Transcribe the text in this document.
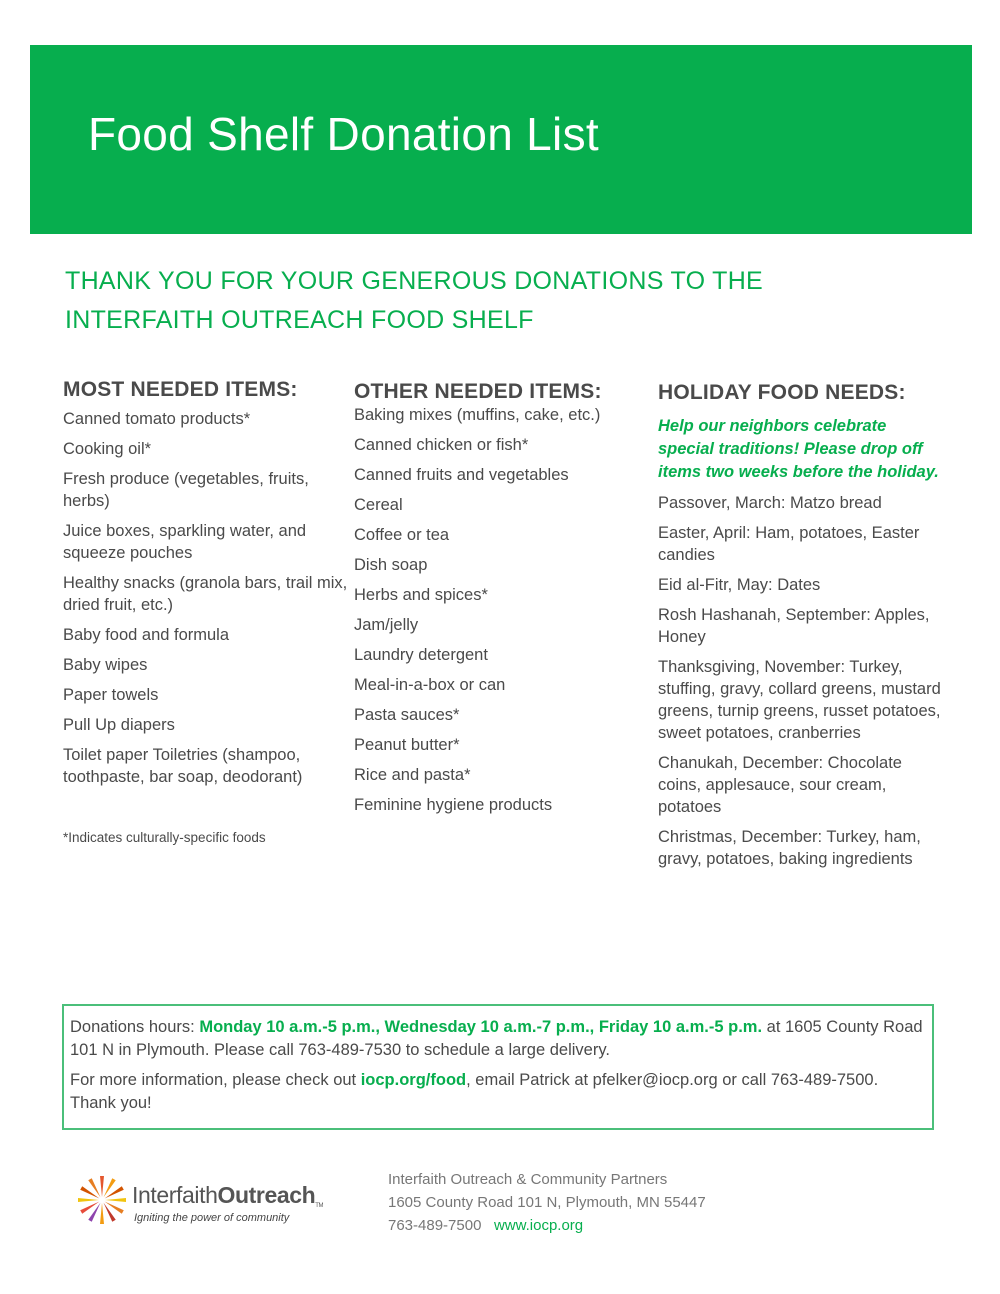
Food Shelf Donation List
THANK YOU FOR YOUR GENEROUS DONATIONS TO THE
INTERFAITH OUTREACH FOOD SHELF
MOST NEEDED ITEMS:
Canned tomato products*
Cooking oil*
Fresh produce (vegetables, fruits, herbs)
Juice boxes, sparkling water, and squeeze pouches
Healthy snacks (granola bars, trail mix, dried fruit, etc.)
Baby food and formula
Baby wipes
Paper towels
Pull Up diapers
Toilet paper Toiletries (shampoo, toothpaste, bar soap, deodorant)
*Indicates culturally-specific foods
OTHER NEEDED ITEMS:
Baking mixes (muffins, cake, etc.)
Canned chicken or fish*
Canned fruits and vegetables
Cereal
Coffee or tea
Dish soap
Herbs and spices*
Jam/jelly
Laundry detergent
Meal-in-a-box or can
Pasta sauces*
Peanut butter*
Rice and pasta*
Feminine hygiene products
HOLIDAY FOOD NEEDS:

Help our neighbors celebrate special traditions! Please drop off items two weeks before the holiday.

Passover, March: Matzo bread
Easter, April: Ham, potatoes, Easter candies
Eid al-Fitr, May: Dates
Rosh Hashanah, September: Apples, Honey
Thanksgiving, November: Turkey, stuffing, gravy, collard greens, mustard greens, turnip greens, russet potatoes, sweet potatoes, cranberries
Chanukah, December: Chocolate coins, applesauce, sour cream, potatoes
Christmas, December: Turkey, ham, gravy, potatoes, baking ingredients

Donations hours: Monday 10 a.m.-5 p.m., Wednesday 10 a.m.-7 p.m., Friday 10 a.m.-5 p.m. at 1605 County Road 101 N in Plymouth. Please call 763-489-7530 to schedule a large delivery.

For more information, please check out iocp.org/food, email Patrick at pfelker@iocp.org or call 763-489-7500. Thank you!

InterfaithOutreachTM
Igniting the power of community
Interfaith Outreach & Community Partners
1605 County Road 101 N, Plymouth, MN 55447
763-489-7500 www.iocp.org
